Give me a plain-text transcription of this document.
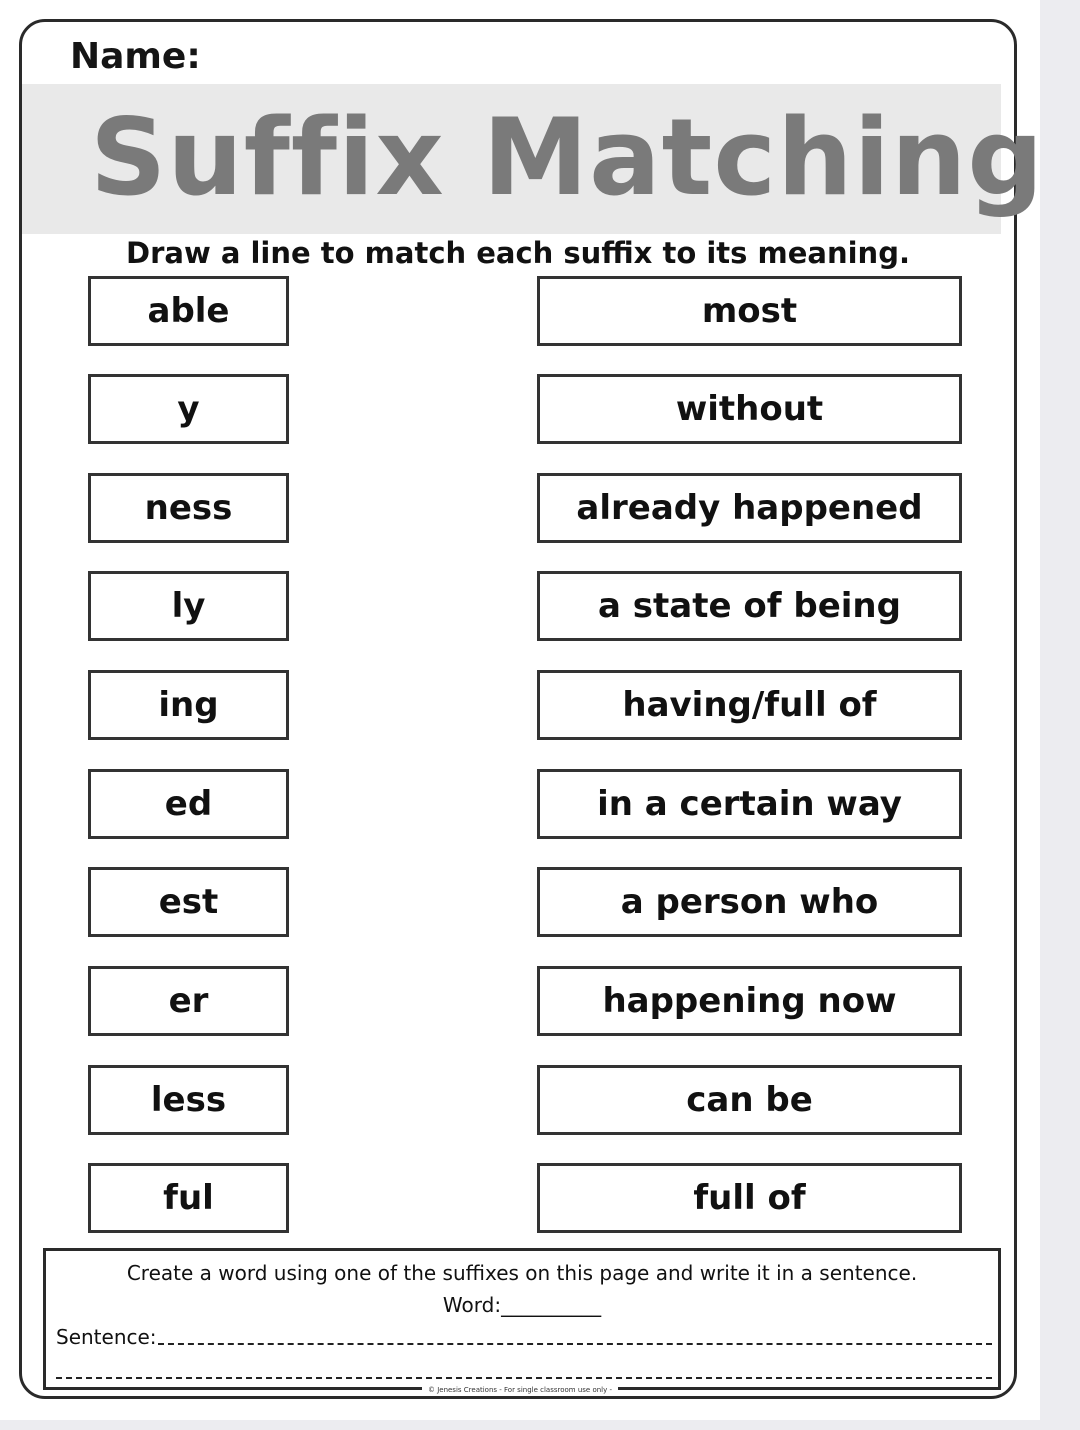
Name:
Suffix Matching
Draw a line to match each suffix to its meaning.
able
y
ness
ly
ing
ed
est
er
less
ful
most
without
already happened
a state of being
having/full of
in a certain way
a person who
happening now
can be
full of
Create a word using one of the suffixes on this page and write it in a sentence.
Word:__________
Sentence:
© Jenesis Creations - For single classroom use only -
